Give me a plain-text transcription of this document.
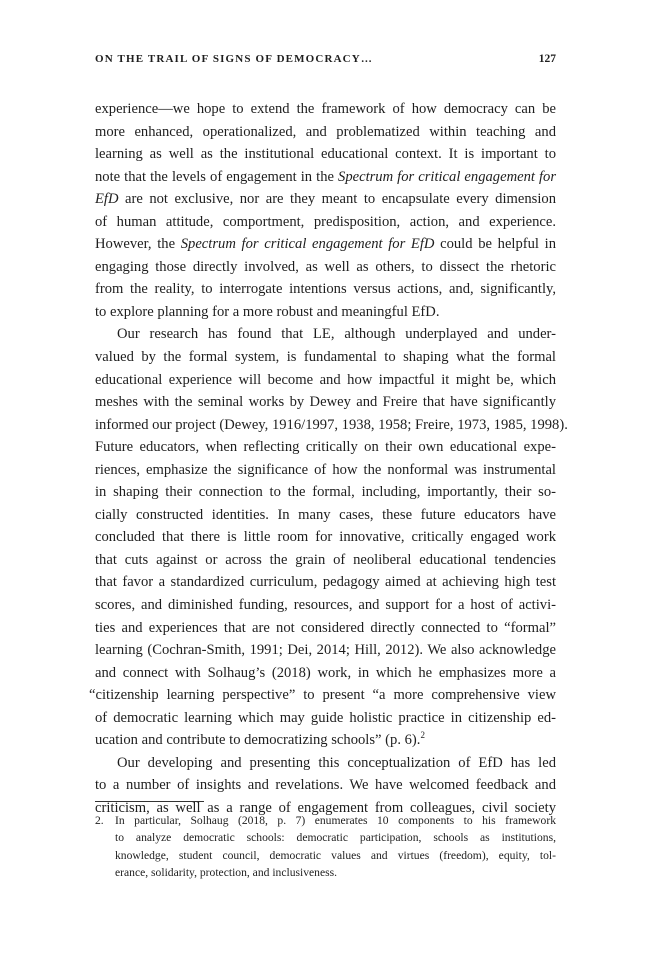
ON THE TRAIL OF SIGNS OF DEMOCRACY…	127
experience—we hope to extend the framework of how democracy can be
more enhanced, operationalized, and problematized within teaching and
learning as well as the institutional educational context. It is important to
note that the levels of engagement in the Spectrum for critical engagement for
EfD are not exclusive, nor are they meant to encapsulate every dimension
of human attitude, comportment, predisposition, action, and experience.
However, the Spectrum for critical engagement for EfD could be helpful in
engaging those directly involved, as well as others, to dissect the rhetoric
from the reality, to interrogate intentions versus actions, and, significantly,
to explore planning for a more robust and meaningful EfD.
Our research has found that LE, although underplayed and under-
valued by the formal system, is fundamental to shaping what the formal
educational experience will become and how impactful it might be, which
meshes with the seminal works by Dewey and Freire that have significantly
informed our project (Dewey, 1916/1997, 1938, 1958; Freire, 1973, 1985, 1998).
Future educators, when reflecting critically on their own educational expe-
riences, emphasize the significance of how the nonformal was instrumental
in shaping their connection to the formal, including, importantly, their so-
cially constructed identities. In many cases, these future educators have
concluded that there is little room for innovative, critically engaged work
that cuts against or across the grain of neoliberal educational tendencies
that favor a standardized curriculum, pedagogy aimed at achieving high test
scores, and diminished funding, resources, and support for a host of activi-
ties and experiences that are not considered directly connected to “formal”
learning (Cochran-Smith, 1991; Dei, 2014; Hill, 2012). We also acknowledge
and connect with Solhaug’s (2018) work, in which he emphasizes more a
“citizenship learning perspective” to present “a more comprehensive view
of democratic learning which may guide holistic practice in citizenship ed-
ucation and contribute to democratizing schools” (p. 6).$^2$
Our developing and presenting this conceptualization of EfD has led
to a number of insights and revelations. We have welcomed feedback and
criticism, as well as a range of engagement from colleagues, civil society
2. In particular, Solhaug (2018, p. 7) enumerates 10 components to his framework
to analyze democratic schools: democratic participation, schools as institutions,
knowledge, student council, democratic values and virtues (freedom), equity, tol-
erance, solidarity, protection, and inclusiveness.
